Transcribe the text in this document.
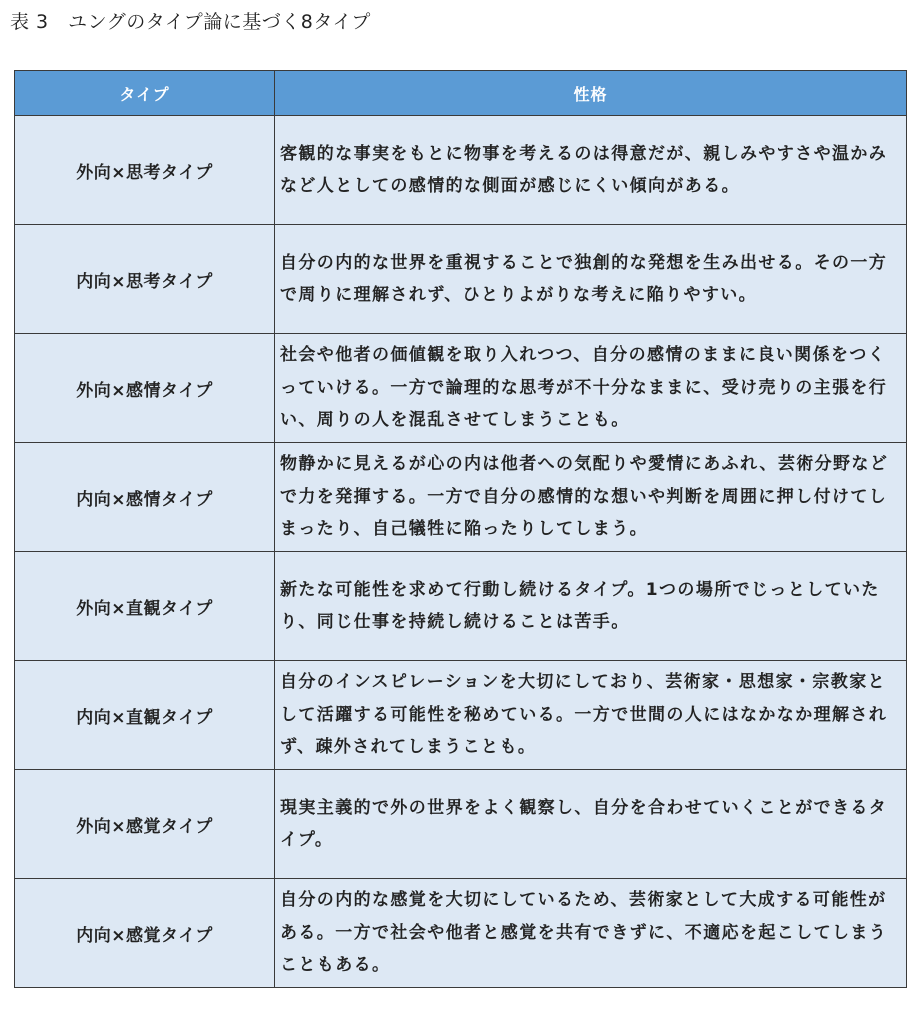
表 3　ユングのタイプ論に基づく8タイプ
タイプ	性格
外向×思考タイプ	客観的な事実をもとに物事を考えるのは得意だが、親しみやすさや温かみなど人としての感情的な側面が感じにくい傾向がある。
内向×思考タイプ	自分の内的な世界を重視することで独創的な発想を生み出せる。その一方で周りに理解されず、ひとりよがりな考えに陥りやすい。
外向×感情タイプ	社会や他者の価値観を取り入れつつ、自分の感情のままに良い関係をつくっていける。一方で論理的な思考が不十分なままに、受け売りの主張を行い、周りの人を混乱させてしまうことも。
内向×感情タイプ	物静かに見えるが心の内は他者への気配りや愛情にあふれ、芸術分野などで力を発揮する。一方で自分の感情的な想いや判断を周囲に押し付けてしまったり、自己犠牲に陥ったりしてしまう。
外向×直観タイプ	新たな可能性を求めて行動し続けるタイプ。1つの場所でじっとしていたり、同じ仕事を持続し続けることは苦手。
内向×直観タイプ	自分のインスピレーションを大切にしており、芸術家・思想家・宗教家として活躍する可能性を秘めている。一方で世間の人にはなかなか理解されず、疎外されてしまうことも。
外向×感覚タイプ	現実主義的で外の世界をよく観察し、自分を合わせていくことができるタイプ。
内向×感覚タイプ	自分の内的な感覚を大切にしているため、芸術家として大成する可能性がある。一方で社会や他者と感覚を共有できずに、不適応を起こしてしまうこともある。
